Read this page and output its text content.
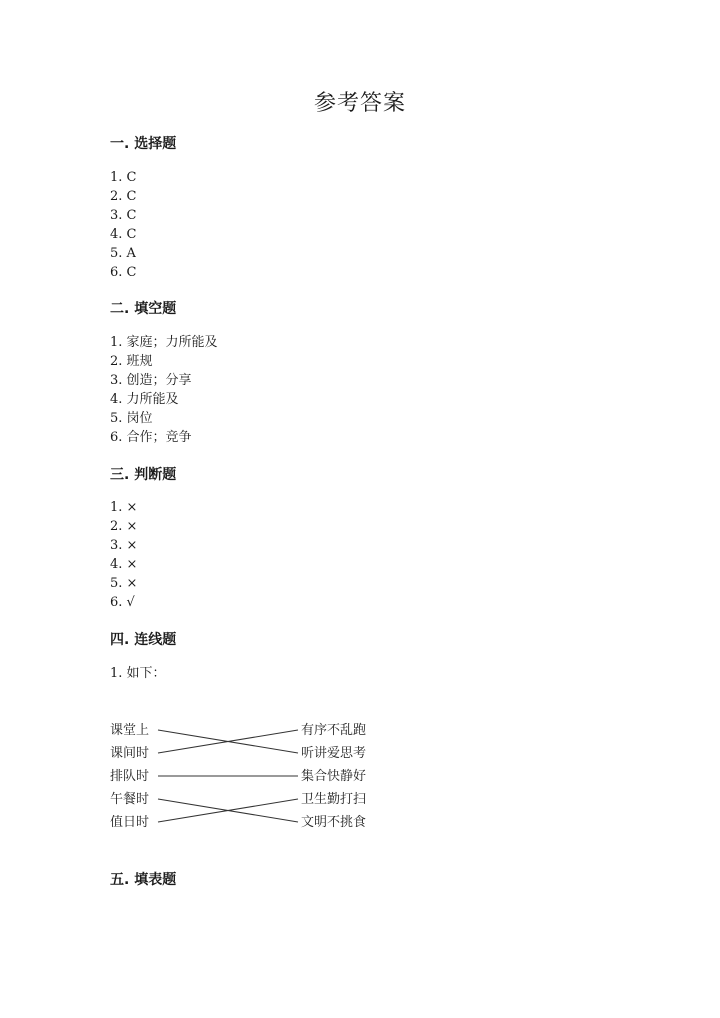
参考答案
一. 选择题
1. C
2. C
3. C
4. C
5. A
6. C
二. 填空题
1. 家庭；力所能及
2. 班规
3. 创造；分享
4. 力所能及
5. 岗位
6. 合作；竞争
三. 判断题
1. ×
2. ×
3. ×
4. ×
5. ×
6. √
四. 连线题
1. 如下：
课堂上
课间时
排队时
午餐时
值日时
有序不乱跑
听讲爱思考
集合快静好
卫生勤打扫
文明不挑食
五. 填表题
